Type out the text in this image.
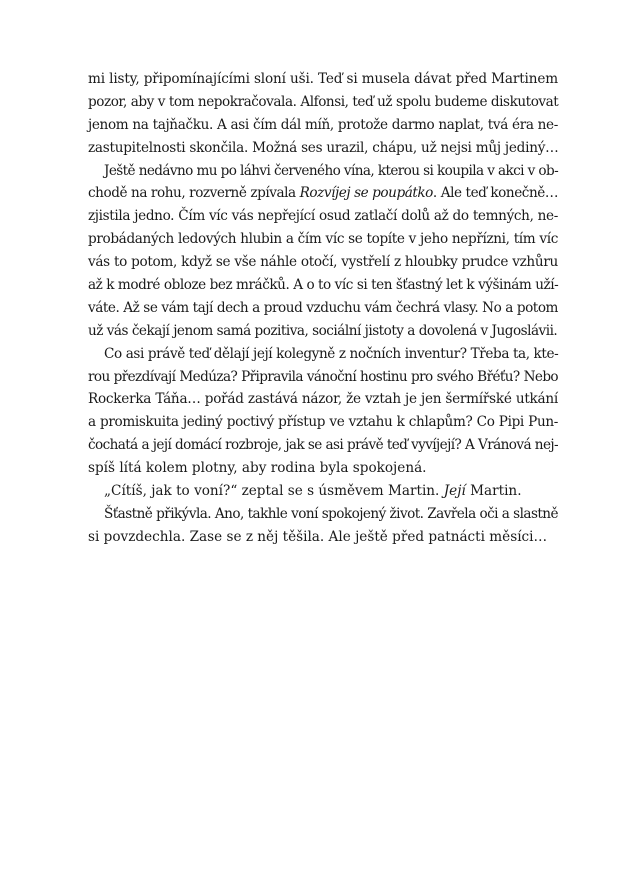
mi listy, připomínajícími sloní uši. Teď si musela dávat před Martinem
pozor, aby v tom nepokračovala. Alfonsi, teď už spolu budeme diskutovat
jenom na tajňačku. A asi čím dál míň, protože darmo naplat, tvá éra ne-
zastupitelnosti skončila. Možná ses urazil, chápu, už nejsi můj jediný…
Ještě nedávno mu po láhvi červeného vína, kterou si koupila v akci v ob-
chodě na rohu, rozverně zpívala Rozvíjej se poupátko. Ale teď konečně…
zjistila jedno. Čím víc vás nepřející osud zatlačí dolů až do temných, ne-
probádaných ledových hlubin a čím víc se topíte v jeho nepřízni, tím víc
vás to potom, když se vše náhle otočí, vystřelí z hloubky prudce vzhůru
až k modré obloze bez mráčků. A o to víc si ten šťastný let k výšinám uží-
váte. Až se vám tají dech a proud vzduchu vám čechrá vlasy. No a potom
už vás čekají jenom samá pozitiva, sociální jistoty a dovolená v Jugoslávii.
Co asi právě teď dělají její kolegyně z nočních inventur? Třeba ta, kte-
rou přezdívají Medúza? Připravila vánoční hostinu pro svého Břéťu? Nebo
Rockerka Táňa… pořád zastává názor, že vztah je jen šermířské utkání
a promiskuita jediný poctivý přístup ve vztahu k chlapům? Co Pipi Pun-
čochatá a její domácí rozbroje, jak se asi právě teď vyvíjejí? A Vránová nej-
spíš lítá kolem plotny, aby rodina byla spokojená.
„Cítíš, jak to voní?“ zeptal se s úsměvem Martin. Její Martin.
Šťastně přikývla. Ano, takhle voní spokojený život. Zavřela oči a slastně
si povzdechla. Zase se z něj těšila. Ale ještě před patnácti měsíci…
